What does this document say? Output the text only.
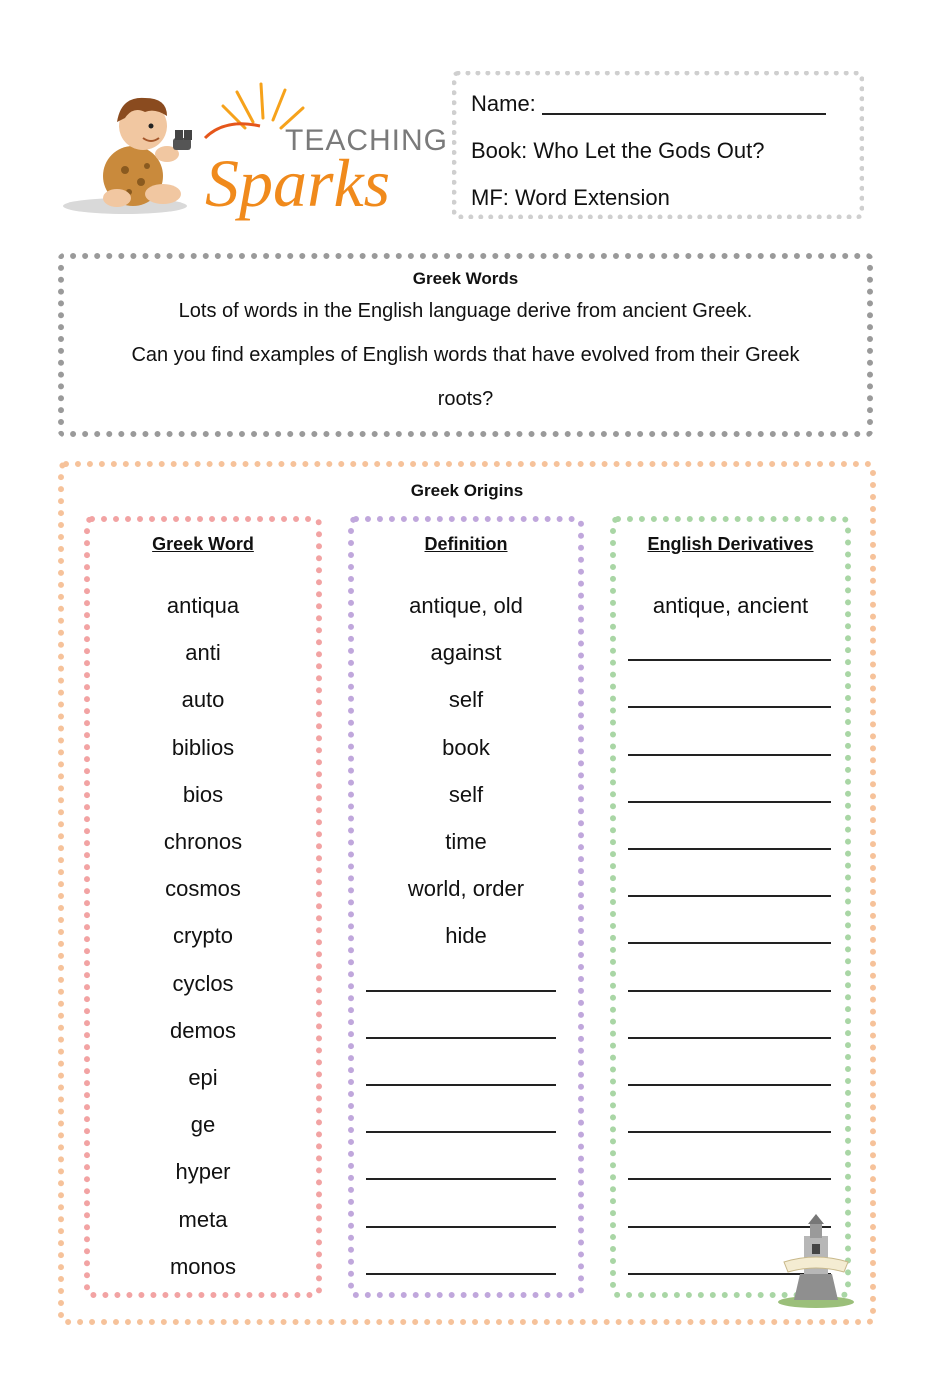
TEACHING
Sparks
Name:
Book: Who Let the Gods Out?
MF: Word Extension
Greek Words
Lots of words in the English language derive from ancient Greek.
Can you find examples of English words that have evolved from their Greek
roots?
Greek Origins
Greek Word
antiqua
anti
auto
biblios
bios
chronos
cosmos
crypto
cyclos
demos
epi
ge
hyper
meta
monos
Definition
antique, old
against
self
book
self
time
world, order
hide
English Derivatives
antique, ancient
